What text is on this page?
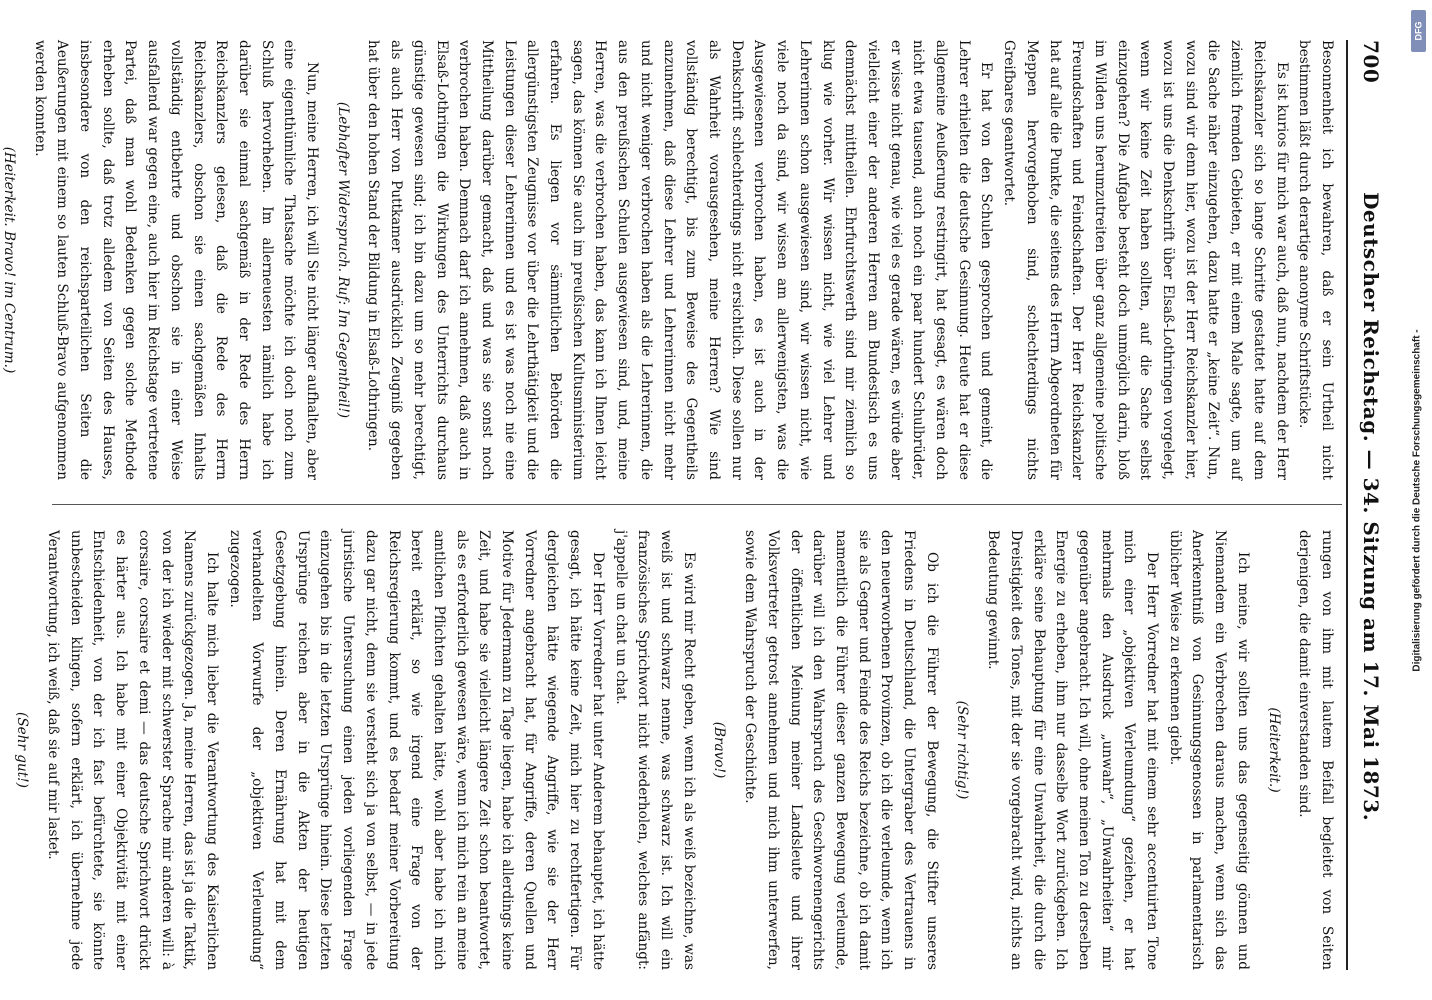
700
Deutscher Reichstag. — 34. Sitzung am 17. Mai 1873.

Besonnenheit ich bewahren, daß er sein Urtheil nicht bestimmen läßt durch derartige anonyme Schriftstücke.

Es ist kurios für mich war auch, daß nun, nachdem der Herr Reichskanzler sich so lange Schritte gestattet hatte auf dem ziemlich fremden Gebieten, er mit einem Male sagte, um auf die Sache näher einzugehen, dazu hatte er „keine Zeit“. Nun, wozu sind wir denn hier, wozu ist der Herr Reichskanzler hier, wozu ist uns die Denkschrift über Elsaß-Lothringen vorgelegt, wenn wir keine Zeit haben sollten, auf die Sache selbst einzugehen? Die Aufgabe besteht doch unmöglich darin, bloß im Wilden uns herumzutreiten über ganz allgemeine politische Freundschaften und Feindschaften. Der Herr Reichskanzler hat auf alle die Punkte, die seitens des Herrn Abgeordneten für Meppen hervorgehoben sind, schlechterdings nichts Greifbares geantwortet.

Er hat von den Schulen gesprochen und gemeint, die Lehrer erhielten die deutsche Gesinnung. Heute hat er diese allgemeine Aeußerung restringirt, hat gesagt, es wären doch nicht etwa tausend, auch noch ein paar hundert Schulbrüder, er wisse nicht genau, wie viel es gerade wären, es würde aber vielleicht einer der anderen Herren am Bundestisch es uns demnächst mittheilen. Ehrfurchtswerth sind mir ziemlich so klug wie vorher. Wir wissen nicht, wie viel Lehrer und Lehrerinnen schon ausgewiesen sind, wir wissen nicht, wie viele noch da sind, wir wissen am allerwenigsten, was die Ausgewiesenen verbrochen haben, es ist auch in der Denkschrift schlechterdings nicht ersichtlich. Diese sollen nur als Wahrheit vorausgesehen, meine Herren? Wie sind vollständig berechtigt, bis zum Beweise des Gegentheils anzunehmen, daß diese Lehrer und Lehrerinnen nicht mehr und nicht weniger verbrochen haben als die Lehrerinnen, die aus den preußischen Schulen ausgewiesen sind, und, meine Herren, was die verbrochen haben, das kann ich Ihnen leicht sagen, das können Sie auch im preußischen Kultusministerium erfahren. Es liegen vor sämmtlichen Behörden die allergünstigsten Zeugnisse vor über die Lehrthätigkeit und die Leistungen dieser Lehrerinnen und es ist was noch nie eine Mittheilung darüber gemacht, daß und was sie sonst noch verbrochen haben. Demnach darf ich annehmen, daß auch in Elsaß-Lothringen die Wirkungen des Unterrichts durchaus günstige gewesen sind; ich bin dazu um so mehr berechtigt, als auch Herr von Puttkamer ausdrücklich Zeugniß gegeben hat über den hohen Stand der Bildung in Elsaß-Lothringen.

(Lebhafter Widerspruch. Ruf: Im Gegentheil!)

Nun, meine Herren, ich will Sie nicht länger aufhalten, aber eine eigenthümliche Thatsache möchte ich doch noch zum Schluß hervorheben. Im allerneuesten nämlich habe ich darüber sie einmal sachgemäß in der Rede des Herrn Reichskanzlers gelesen, daß die Rede des Herrn Reichskanzlers, obschon sie einen sachgemäßen Inhalts vollständig entbehrte und obschon sie in einer Weise ausfallend war gegen eine, auch hier im Reichstage vertretene Partei, daß man wohl Bedenken gegen solche Methode erheben sollte, daß trotz alledem von Seiten des Hauses, insbesondere von den reichsparteilichen Seiten die Aeußerungen mit einem so lauten Schluß-Bravo aufgenommen werden konnten.

(Heiterkeit. Bravo! im Centrum.)

rungen von ihm mit lautem Beifall begleitet von Seiten derjenigen, die damit einverstanden sind.

(Heiterkeit.)

Ich meine, wir sollten uns das gegenseitig gönnen und Niemandem ein Verbrechen daraus machen, wenn sich das Anerkenntniß von Gesinnungsgenossen in parlamentarisch üblicher Weise zu erkennen giebt.

Der Herr Vorredner hat mit einem sehr accentuirten Tone mich einer „objektiven Verleumdung“ geziehen, er hat mehrmals den Ausdruck „unwahr“, „Unwahrheiten“ mir gegenüber angebracht. Ich will, ohne meinen Ton zu derselben Energie zu erheben, ihm nur dasselbe Wort zurückgeben. Ich erkläre seine Behauptung für eine Unwahrheit, die durch die Dreistigkeit des Tones, mit der sie vorgebracht wird, nichts an Bedeutung gewinnt.

(Sehr richtig!)

Ob ich die Führer der Bewegung, die Stifter unseres Friedens in Deutschland, die Untergraber des Vertrauens in den neuerworbenen Provinzen, ob ich die verleumde, wenn ich sie als Gegner und Feinde des Reichs bezeichne, ob ich damit namentlich die Führer dieser ganzen Bewegung verleumde, darüber will ich den Wahrspruch des Geschworenengerichts der öffentlichen Meinung meiner Landsleute und ihrer Volksvertreter getrost annehmen und mich ihm unterwerfen, sowie dem Wahrspruch der Geschichte.

(Bravo!)

Es wird mir Recht geben, wenn ich als weiß bezeichne, was weiß ist und schwarz nenne, was schwarz ist. Ich will ein französisches Sprichwort nicht wiederholen, welches anfängt: j'appelle un chat un chat.

Der Herr Vorredner hat unter Anderem behauptet, ich hätte gesagt, ich hätte keine Zeit, mich hier zu rechtfertigen. Für dergleichen hätte wiegende Angriffe, wie sie der Herr Vorredner angebracht hat, für Angriffe, deren Quellen und Motive für Jedermann zu Tage liegen, habe ich allerdings keine Zeit, und habe sie vielleicht längere Zeit schon beantwortet, als es erforderlich gewesen wäre, wenn ich mich rein an meine amtlichen Pflichten gehalten hätte, wohl aber habe ich mich bereit erklärt, so wie irgend eine Frage von der Reichsregierung kommt, und es bedarf meiner Vorbereitung dazu gar nicht, denn sie versteht sich ja von selbst, — in jede juristische Untersuchung einen jeden vorliegenden Frage einzugehen bis in die letzten Ursprünge hinein. Diese letzten Ursprünge reichen aber in die Akten der heutigen Gesetzgebung hinein. Deren Ernährung hat mit dem verhandelten Vorwurfe der „objektiven Verleumdung“ zugezogen.

Ich halte mich lieber die Verantwortung des Kaiserlichen Namens zurückgezogen. Ja, meine Herren, das ist ja die Taktik, von der ich wieder mit schwerster Sprache mir anderen will: à corsaire, corsaire et demi — das deutsche Sprichwort drückt es härter aus. Ich habe mit einer Objektivität mit einer Entschiedenheit, von der ich fast befürchtete, sie könnte unbescheiden klingen, sofern erklärt, ich übernehme jede Verantwortung, ich weiß, daß sie auf mir lastet.

(Sehr gut!)

Digitalisierung gefördert durch die Deutsche Forschungsgemeinschaft -
DFG
